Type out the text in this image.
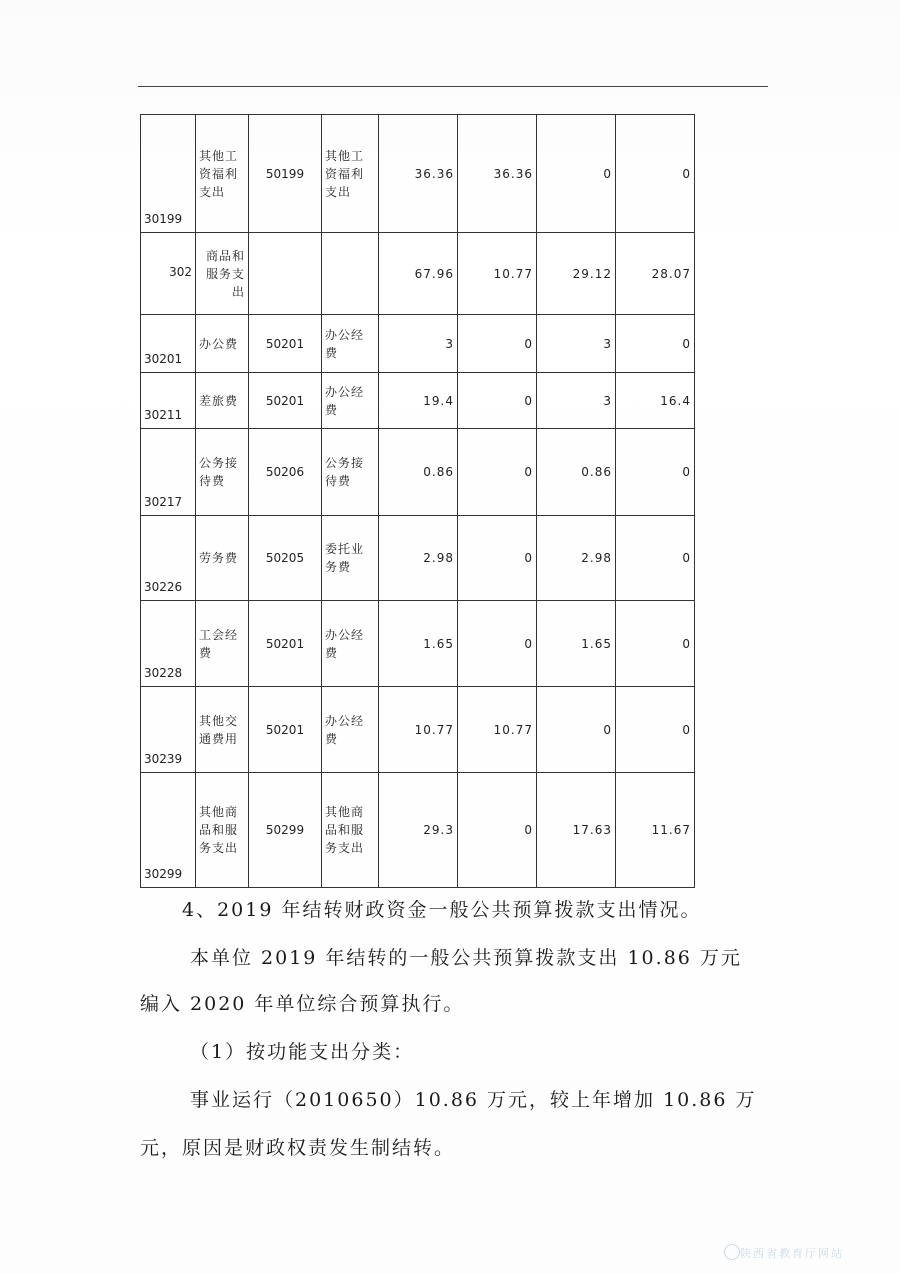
30199	其他工资福利支出	50199	其他工资福利支出	36.36	36.36	0	0
302	商品和服务支出			67.96	10.77	29.12	28.07
30201	办公费	50201	办公经费	3	0	3	0
30211	差旅费	50201	办公经费	19.4	0	3	16.4
30217	公务接待费	50206	公务接待费	0.86	0	0.86	0
30226	劳务费	50205	委托业务费	2.98	0	2.98	0
30228	工会经费	50201	办公经费	1.65	0	1.65	0
30239	其他交通费用	50201	办公经费	10.77	10.77	0	0
30299	其他商品和服务支出	50299	其他商品和服务支出	29.3	0	17.63	11.67
4、2019 年结转财政资金一般公共预算拨款支出情况。
本单位 2019 年结转的一般公共预算拨款支出 10.86 万元
编入 2020 年单位综合预算执行。
（1）按功能支出分类：
事业运行（2010650）10.86 万元，较上年增加 10.86 万
元，原因是财政权责发生制结转。
陕西省教育厅网站
